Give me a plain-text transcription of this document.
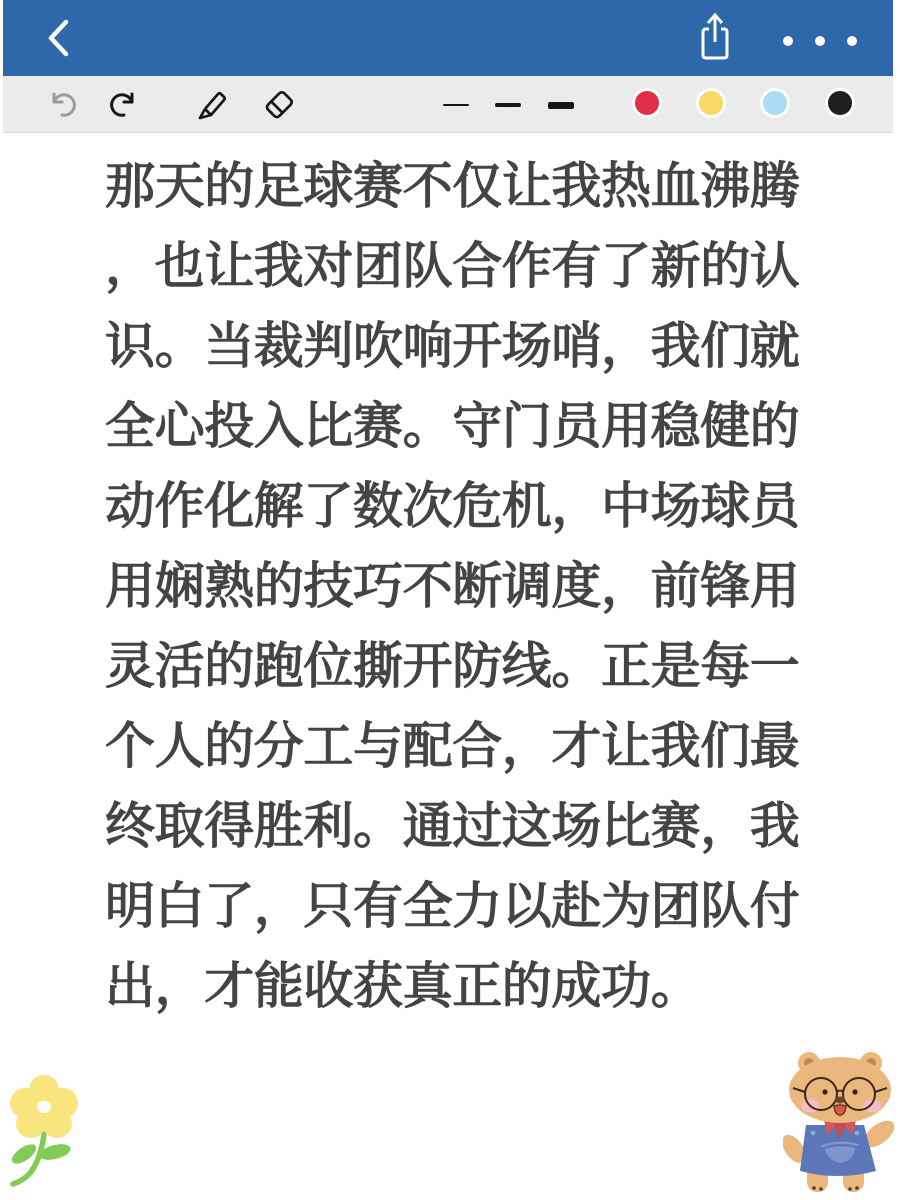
那天的足球赛不仅让我热血沸腾
，也让我对团队合作有了新的认
识。当裁判吹响开场哨，我们就
全心投入比赛。守门员用稳健的
动作化解了数次危机，中场球员
用娴熟的技巧不断调度，前锋用
灵活的跑位撕开防线。正是每一
个人的分工与配合，才让我们最
终取得胜利。通过这场比赛，我
明白了，只有全力以赴为团队付
出，才能收获真正的成功。
